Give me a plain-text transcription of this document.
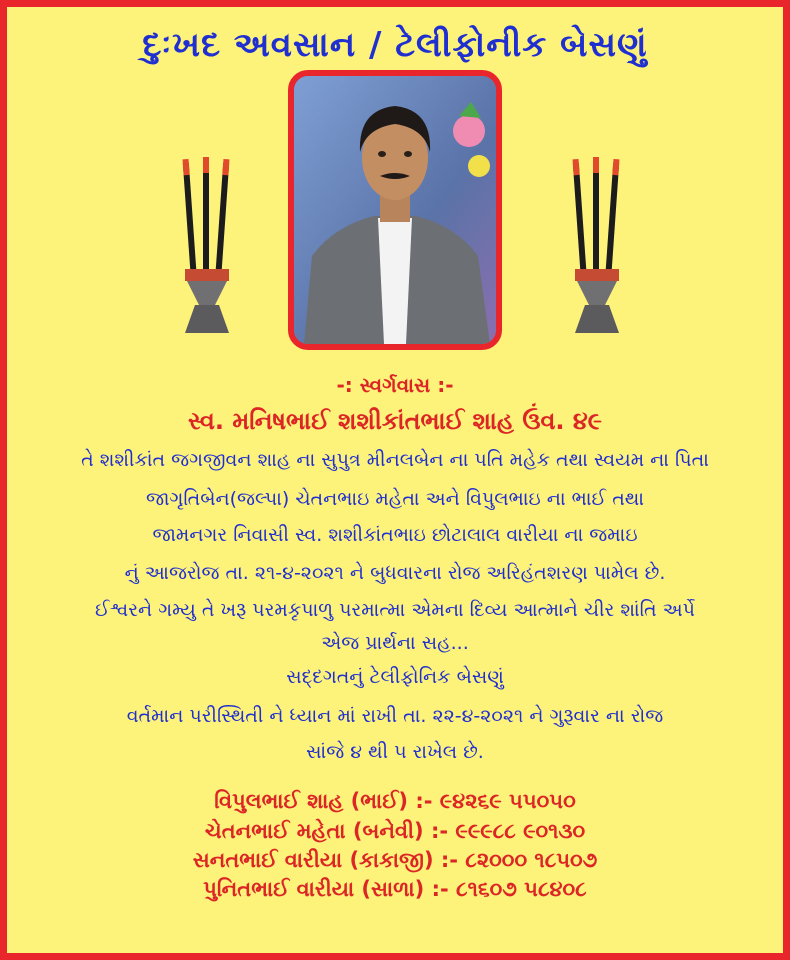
દુઃખદ અવસાન / ટેલીફોનીક બેસણું
-: સ્વર્ગવાસ :-
સ્વ. મનિષભાઈ શશીકાંતભાઈ શાહ ઉંવ. ૪૯
તે શશીકાંત જગજીવન શાહ ના સુપુત્ર મીનલબેન ના પતિ મહેક તથા સ્વયમ ના પિતા
જાગૃતિબેન(જલ્પા) ચેતનભાઇ મહેતા અને વિપુલભાઇ ના ભાઈ તથા
જામનગર નિવાસી સ્વ. શશીકાંતભાઇ છોટાલાલ વારીયા ના જમાઇ
નું આજરોજ તા. ૨૧-૪-૨૦૨૧ ને બુધવારના રોજ અરિહંતશરણ પામેલ છે.
ઈશ્વરને ગમ્યુ તે ખરૂ પરમકૃપાળુ પરમાત્મા એમના દિવ્ય આત્માને ચીર શાંતિ અર્પે
એજ પ્રાર્થના સહ...
સદ્દગતનું ટેલીફોનિક બેસણું
વર્તમાન પરીસ્થિતી ને ધ્યાન માં રાખી તા. ૨૨-૪-૨૦૨૧ ને ગુરૂવાર ના રોજ
સાંજે ૪ થી ૫ રાખેલ છે.
વિપુલભાઈ શાહ (ભાઈ) :- ૯૪૨૬૯ ૫૫૦૫૦
ચેતનભાઈ મહેતા (બનેવી) :- ૯૯૯૮૮ ૯૦૧૩૦
સનતભાઈ વારીયા (કાકાજી) :- ૮૨૦૦૦ ૧૮૫૦૭
પુનિતભાઈ વારીયા (સાળા) :- ૮૧૬૦૭ ૫૮૪૦૮
